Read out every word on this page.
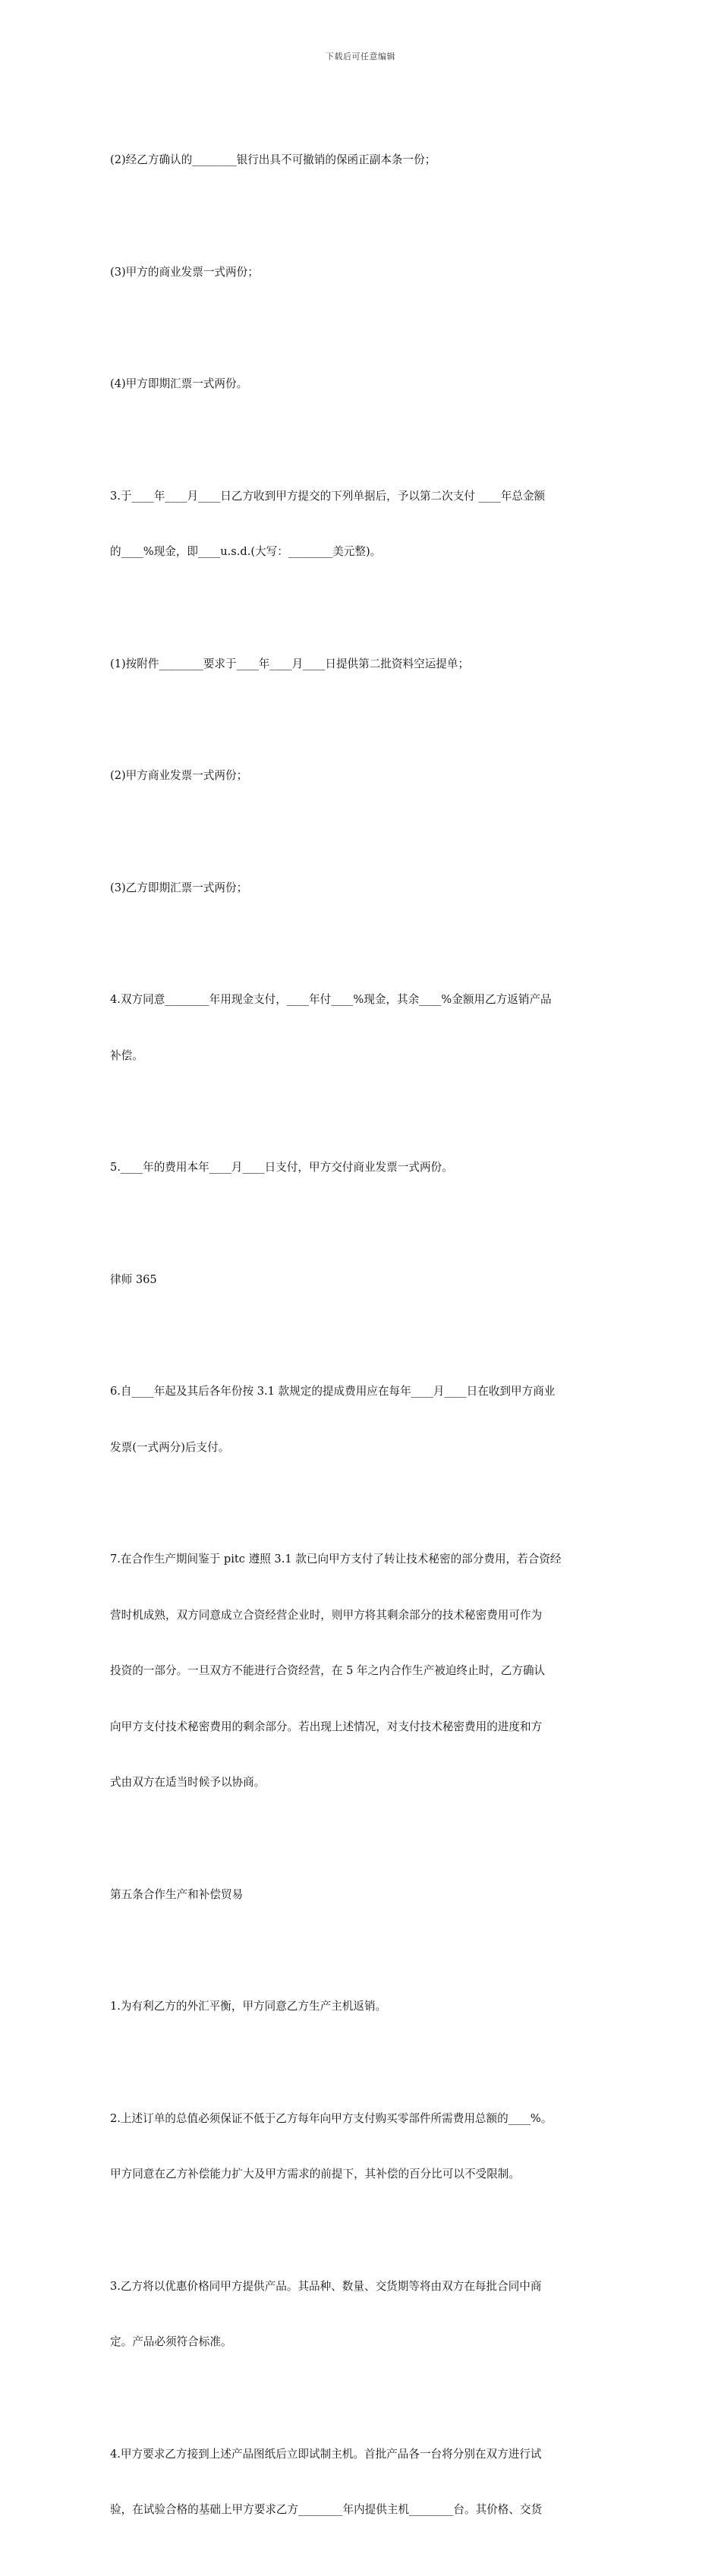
下载后可任意编辑

(2)经乙方确认的________银行出具不可撤销的保函正副本条一份；

(3)甲方的商业发票一式两份；

(4)甲方即期汇票一式两份。

3.于____年____月____日乙方收到甲方提交的下列单据后，予以第二次支付 ____年总金额

的____%现金，即____u.s.d.(大写：________美元整)。

(1)按附件________要求于____年____月____日提供第二批资料空运提单；

(2)甲方商业发票一式两份；

(3)乙方即期汇票一式两份；

4.双方同意________年用现金支付，____年付____%现金，其余____%金额用乙方返销产品

补偿。

5.____年的费用本年____月____日支付，甲方交付商业发票一式两份。

律师 365

6.自____年起及其后各年份按 3.1 款规定的提成费用应在每年____月____日在收到甲方商业

发票(一式两分)后支付。

7.在合作生产期间鉴于 pitc 遵照 3.1 款已向甲方支付了转让技术秘密的部分费用，若合资经

营时机成熟，双方同意成立合资经营企业时，则甲方将其剩余部分的技术秘密费用可作为

投资的一部分。一旦双方不能进行合资经营，在 5 年之内合作生产被迫终止时，乙方确认

向甲方支付技术秘密费用的剩余部分。若出现上述情况，对支付技术秘密费用的进度和方

式由双方在适当时候予以协商。

第五条合作生产和补偿贸易

1.为有利乙方的外汇平衡，甲方同意乙方生产主机返销。

2.上述订单的总值必须保证不低于乙方每年向甲方支付购买零部件所需费用总额的____%。

甲方同意在乙方补偿能力扩大及甲方需求的前提下，其补偿的百分比可以不受限制。

3.乙方将以优惠价格同甲方提供产品。其品种、数量、交货期等将由双方在每批合同中商

定。产品必须符合标准。

4.甲方要求乙方接到上述产品图纸后立即试制主机。首批产品各一台将分别在双方进行试

验，在试验合格的基础上甲方要求乙方________年内提供主机________台。其价格、交货
